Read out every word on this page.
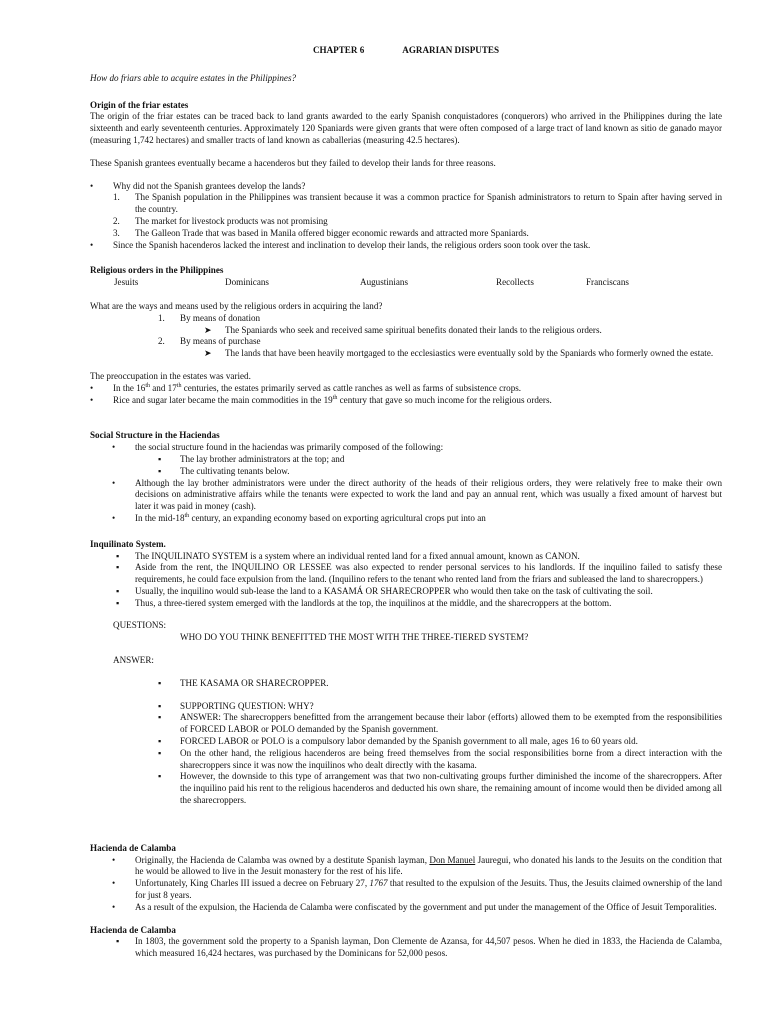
CHAPTER 6	AGRARIAN DISPUTES

How do friars able to acquire estates in the Philippines?

Origin of the friar estates

The origin of the friar estates can be traced back to land grants awarded to the early Spanish conquistadores (conquerors) who arrived in the Philippines during the late sixteenth and early seventeenth centuries. Approximately 120 Spaniards were given grants that were often composed of a large tract of land known as sitio de ganado mayor (measuring 1,742 hectares) and smaller tracts of land known as caballerias (measuring 42.5 hectares).

These Spanish grantees eventually became a hacenderos but they failed to develop their lands for three reasons.

• Why did not the Spanish grantees develop the lands?
1. The Spanish population in the Philippines was transient because it was a common practice for Spanish administrators to return to Spain after having served in the country.
2. The market for livestock products was not promising
3. The Galleon Trade that was based in Manila offered bigger economic rewards and attracted more Spaniards.
• Since the Spanish hacenderos lacked the interest and inclination to develop their lands, the religious orders soon took over the task.

Religious orders in the Philippines

Jesuits	Dominicans	Augustinians	Recollects	Franciscans

What are the ways and means used by the religious orders in acquiring the land?

1. By means of donation
➤ The Spaniards who seek and received same spiritual benefits donated their lands to the religious orders.
2. By means of purchase
➤ The lands that have been heavily mortgaged to the ecclesiastics were eventually sold by the Spaniards who formerly owned the estate.

The preoccupation in the estates was varied.

• In the 16th and 17th centuries, the estates primarily served as cattle ranches as well as farms of subsistence crops.
• Rice and sugar later became the main commodities in the 19th century that gave so much income for the religious orders.

Social Structure in the Haciendas

• the social structure found in the haciendas was primarily composed of the following:
▪ The lay brother administrators at the top; and
▪ The cultivating tenants below.
• Although the lay brother administrators were under the direct authority of the heads of their religious orders, they were relatively free to make their own decisions on administrative affairs while the tenants were expected to work the land and pay an annual rent, which was usually a fixed amount of harvest but later it was paid in money (cash).
• In the mid-18th century, an expanding economy based on exporting agricultural crops put into an

Inquilinato System.

▪ The INQUILINATO SYSTEM is a system where an individual rented land for a fixed annual amount, known as CANON.
▪ Aside from the rent, the INQUILINO OR LESSEE was also expected to render personal services to his landlords. If the inquilino failed to satisfy these requirements, he could face expulsion from the land. (Inquilino refers to the tenant who rented land from the friars and subleased the land to sharecroppers.)
▪ Usually, the inquilino would sub-lease the land to a KASAMÁ OR SHARECROPPER who would then take on the task of cultivating the soil.
▪ Thus, a three-tiered system emerged with the landlords at the top, the inquilinos at the middle, and the sharecroppers at the bottom.

QUESTIONS:

WHO DO YOU THINK BENEFITTED THE MOST WITH THE THREE-TIERED SYSTEM?

ANSWER:

▪ THE KASAMA OR SHARECROPPER.
▪ SUPPORTING QUESTION: WHY?
▪ ANSWER: The sharecroppers benefitted from the arrangement because their labor (efforts) allowed them to be exempted from the responsibilities of FORCED LABOR or POLO demanded by the Spanish government.
▪ FORCED LABOR or POLO is a compulsory labor demanded by the Spanish government to all male, ages 16 to 60 years old.
▪ On the other hand, the religious hacenderos are being freed themselves from the social responsibilities borne from a direct interaction with the sharecroppers since it was now the inquilinos who dealt directly with the kasama.
▪ However, the downside to this type of arrangement was that two non-cultivating groups further diminished the income of the sharecroppers. After the inquilino paid his rent to the religious hacenderos and deducted his own share, the remaining amount of income would then be divided among all the sharecroppers.

Hacienda de Calamba

• Originally, the Hacienda de Calamba was owned by a destitute Spanish layman, Don Manuel Jauregui, who donated his lands to the Jesuits on the condition that he would be allowed to live in the Jesuit monastery for the rest of his life.
• Unfortunately, King Charles III issued a decree on February 27, 1767 that resulted to the expulsion of the Jesuits. Thus, the Jesuits claimed ownership of the land for just 8 years.
• As a result of the expulsion, the Hacienda de Calamba were confiscated by the government and put under the management of the Office of Jesuit Temporalities.

Hacienda de Calamba

▪ In 1803, the government sold the property to a Spanish layman, Don Clemente de Azansa, for 44,507 pesos. When he died in 1833, the Hacienda de Calamba, which measured 16,424 hectares, was purchased by the Dominicans for 52,000 pesos.
